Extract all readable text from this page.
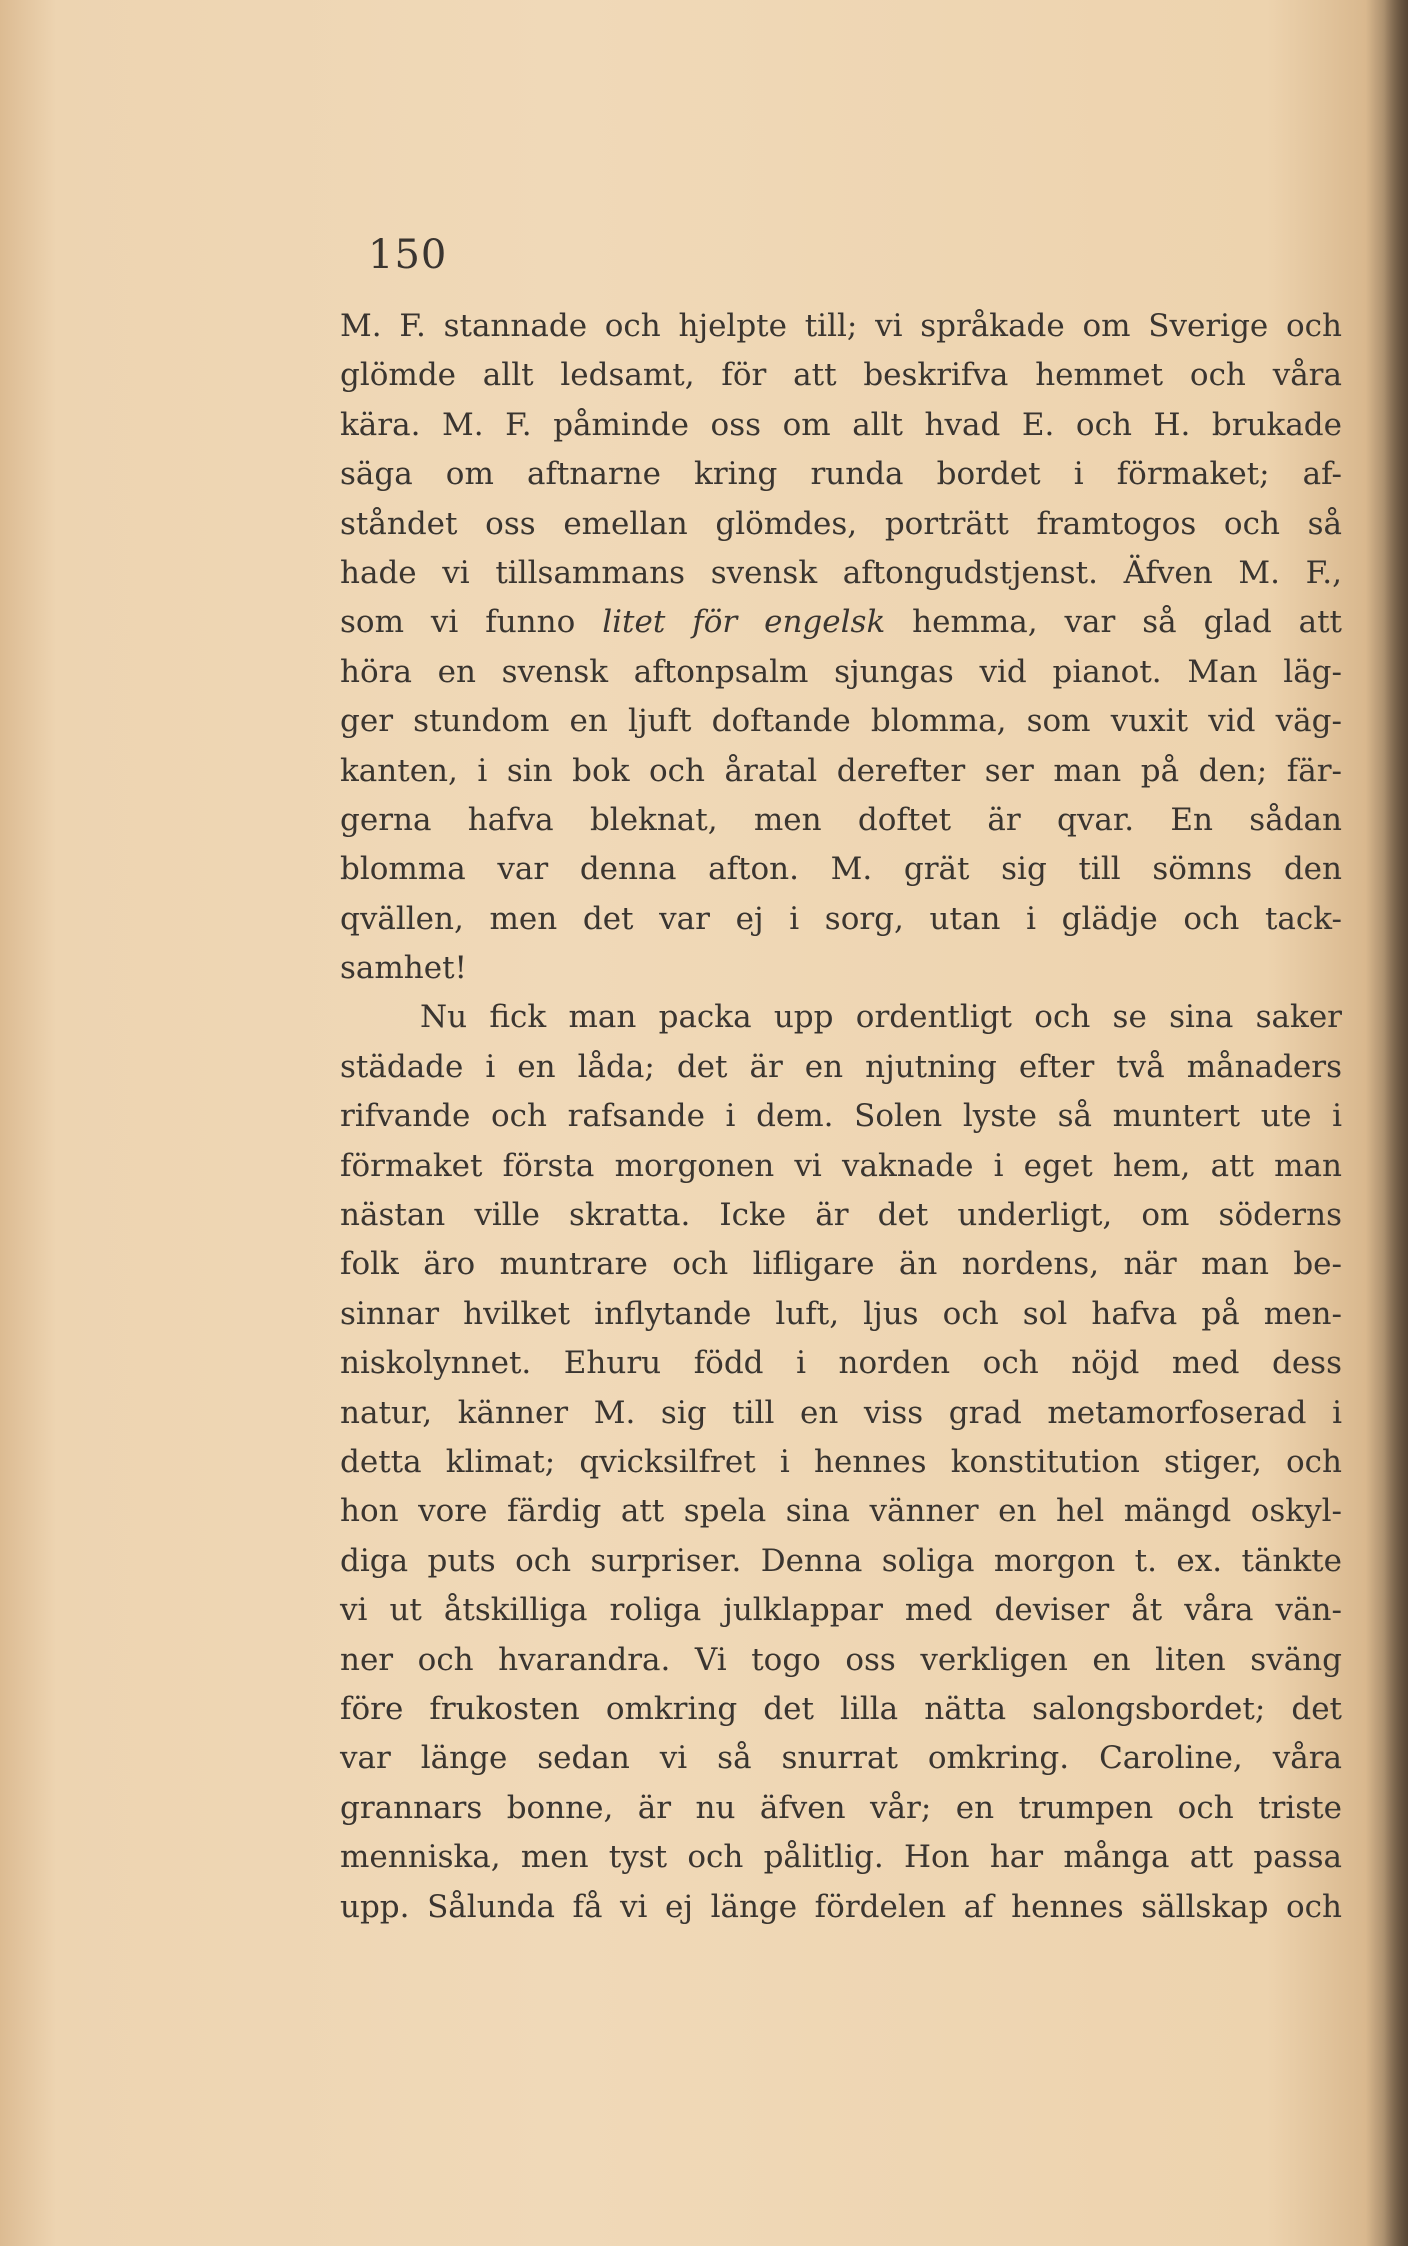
150
M. F. stannade och hjelpte till; vi språkade om Sverige och
glömde allt ledsamt, för att beskrifva hemmet och våra
kära. M. F. påminde oss om allt hvad E. och H. brukade
säga om aftnarne kring runda bordet i förmaket; af-
ståndet oss emellan glömdes, porträtt framtogos och så
hade vi tillsammans svensk aftongudstjenst. Äfven M. F.,
som vi funno litet för engelsk hemma, var så glad att
höra en svensk aftonpsalm sjungas vid pianot. Man läg-
ger stundom en ljuft doftande blomma, som vuxit vid väg-
kanten, i sin bok och åratal derefter ser man på den; fär-
gerna hafva bleknat, men doftet är qvar. En sådan
blomma var denna afton. M. grät sig till sömns den
qvällen, men det var ej i sorg, utan i glädje och tack-
samhet!
Nu fick man packa upp ordentligt och se sina saker
städade i en låda; det är en njutning efter två månaders
rifvande och rafsande i dem. Solen lyste så muntert ute i
förmaket första morgonen vi vaknade i eget hem, att man
nästan ville skratta. Icke är det underligt, om söderns
folk äro muntrare och lifligare än nordens, när man be-
sinnar hvilket inflytande luft, ljus och sol hafva på men-
niskolynnet. Ehuru född i norden och nöjd med dess
natur, känner M. sig till en viss grad metamorfoserad i
detta klimat; qvicksilfret i hennes konstitution stiger, och
hon vore färdig att spela sina vänner en hel mängd oskyl-
diga puts och surpriser. Denna soliga morgon t. ex. tänkte
vi ut åtskilliga roliga julklappar med deviser åt våra vän-
ner och hvarandra. Vi togo oss verkligen en liten sväng
före frukosten omkring det lilla nätta salongsbordet; det
var länge sedan vi så snurrat omkring. Caroline, våra
grannars bonne, är nu äfven vår; en trumpen och triste
menniska, men tyst och pålitlig. Hon har många att passa
upp. Sålunda få vi ej länge fördelen af hennes sällskap och
